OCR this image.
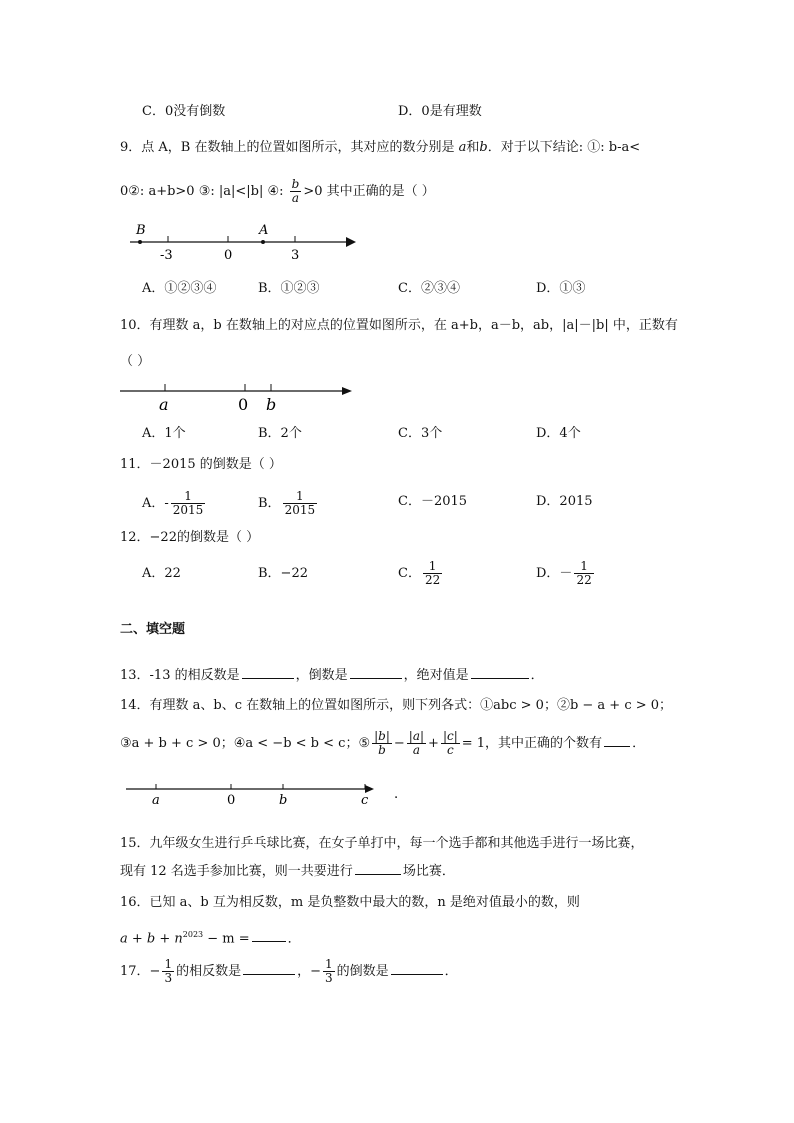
C．0没有倒数	D．0是有理数
9．点 A，B 在数轴上的位置如图所示，其对应的数分别是 a和b．对于以下结论: ①: b-a<
0②: a+b>0 ③: |a|<|b| ④: $\frac{b}{a} >0$ 其中正确的是（ ）
B	A
-3	0	3
A．①②③④	B．①②③	C．②③④	D．①③
10．有理数 a，b 在数轴上的对应点的位置如图所示，在 a+b，a－b，ab，|a|－|b| 中，正数有
（ ）
a	0 b
A．1个	B．2个	C．3个	D．4个
11．－2015 的倒数是（ ）
A．- $\frac{1}{2015}$	B． $\frac{1}{2015}$	C．－2015	D．2015
12．−22的倒数是（ ）
A．22	B．−22	C． $\frac{1}{22}$	D．－ $\frac{1}{22}$
二、填空题
13．-13 的相反数是	，倒数是	，绝对值是	．
14．有理数 a、b、c 在数轴上的位置如图所示，则下列各式：①abc > 0；②b − a + c > 0；
③a + b + c > 0；④a < −b < b < c；⑤ $\frac{|b|}{b} - \frac{|a|}{a} + \frac{|c|}{c} = 1$，其中正确的个数有 ．
a	0	b	c .
15．九年级女生进行乒乓球比赛，在女子单打中，每一个选手都和其他选手进行一场比赛，
现有 12 名选手参加比赛，则一共要进行	场比赛．
16．已知 a、b 互为相反数，m 是负整数中最大的数，n 是绝对值最小的数，则
$a + b + n^{2023} - m$ =	．
17．− $\frac{1}{3}$ 的相反数是	，− $\frac{1}{3}$ 的倒数是	．
